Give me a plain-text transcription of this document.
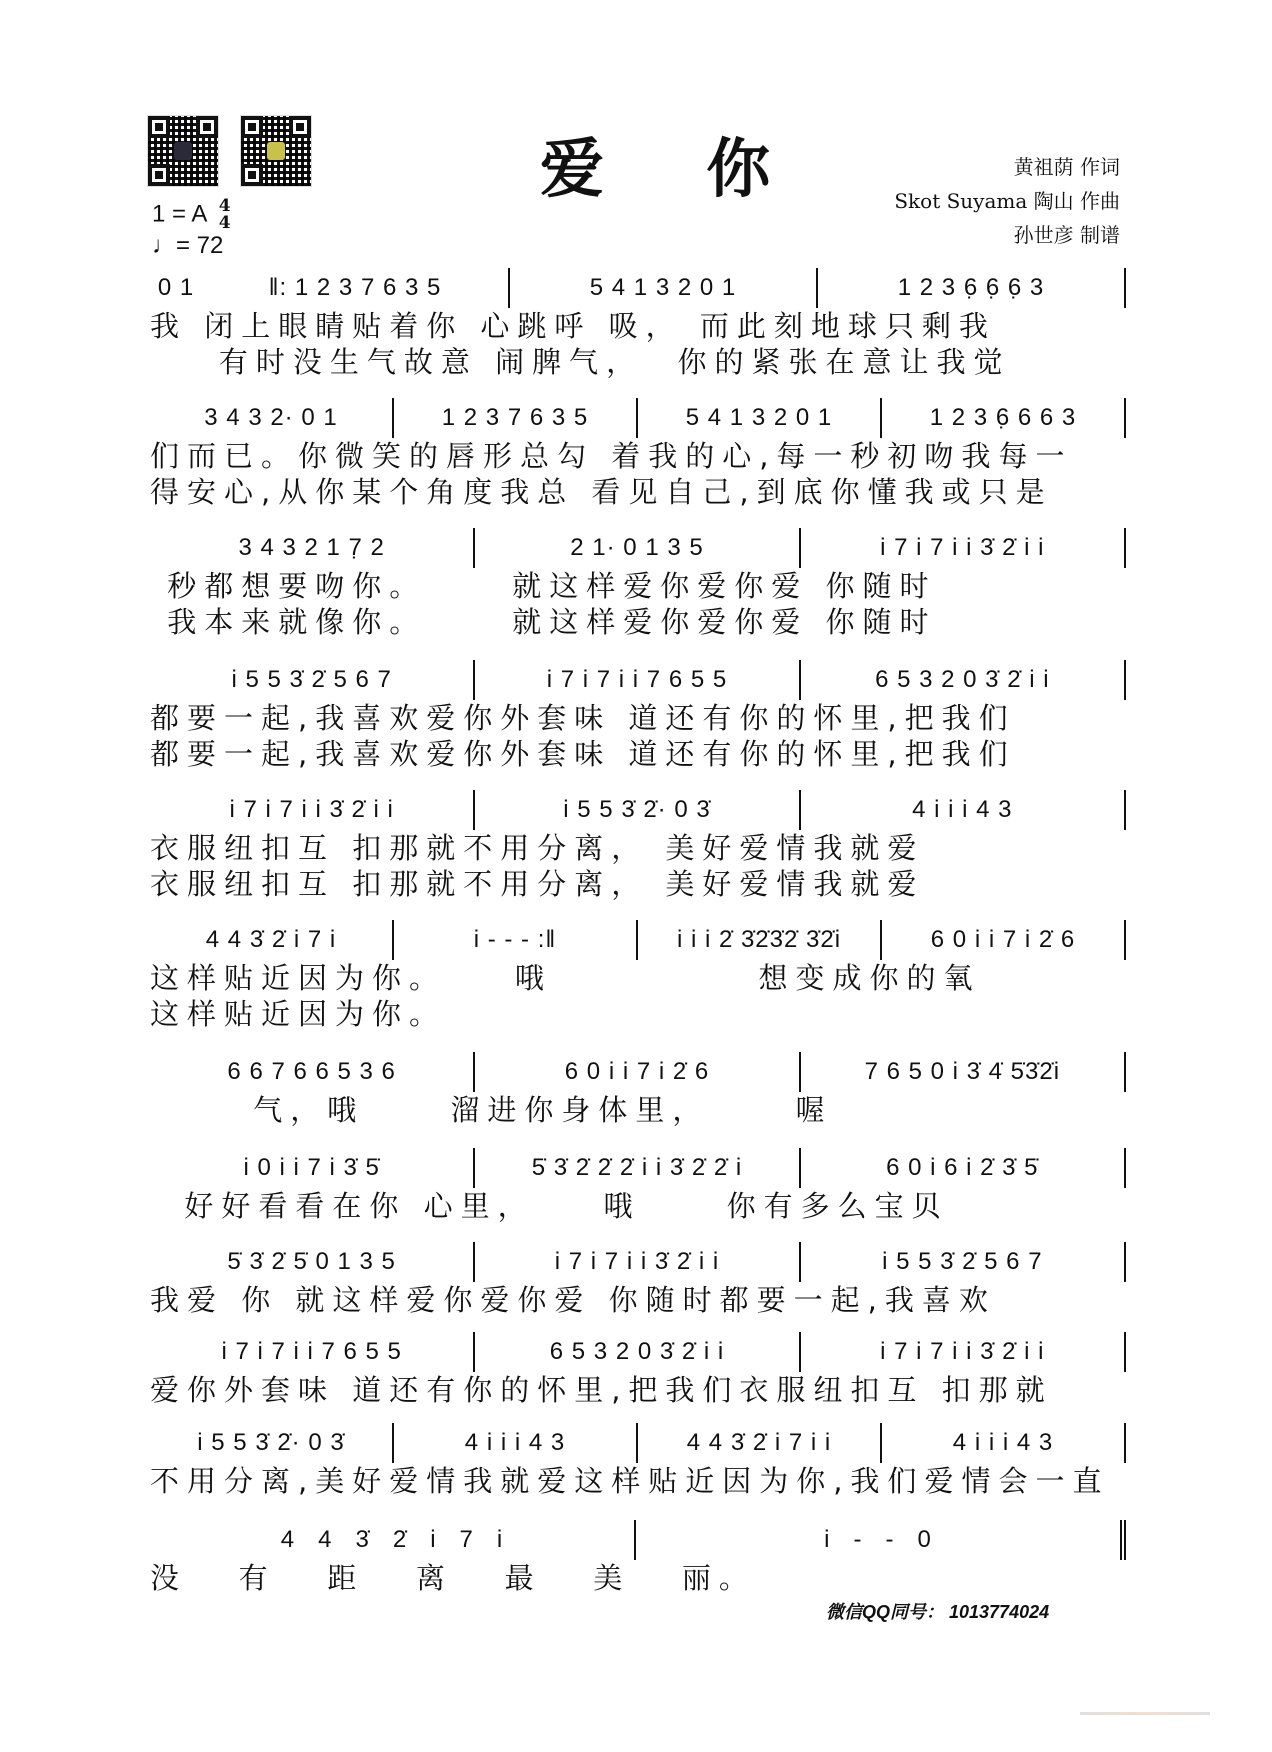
爱 你	黄祖荫 作词
Skot Suyama 陶山 作曲
孙世彦 制谱
1 = A 4
4
♩= 72
0 1	‖: 1 2 3 7 6 3 5	5 4 1 3 2 0 1	1 2 3 6̣ 6̣ 6̣ 3
我 闭上眼睛贴着你 心跳呼 吸， 而此刻地球只剩我
有时没生气故意 闹脾气，  你的紧张在意让我觉
3 4 3 2· 0 1	1 2 3 7 6 3 5	5 4 1 3 2 0 1	1 2 3 6̣ 6 6 3
们而已。你微笑的唇形总勾 着我的心,每一秒初吻我每一
得安心,从你某个角度我总 看见自己,到底你懂我或只是
3 4 3 2 1 7̣ 2	2 1· 0 1 3 5	i 7 i 7 i i 3̇ 2̇ i i
秒都想要吻你。     就这样爱你爱你爱 你随时
我本来就像你。     就这样爱你爱你爱 你随时
i 5 5 3̇ 2̇ 5 6 7	i 7 i 7 i i 7 6 5 5	6 5 3 2 0 3̇ 2̇ i i
都要一起,我喜欢爱你外套味 道还有你的怀里,把我们
都要一起,我喜欢爱你外套味 道还有你的怀里,把我们
i 7 i 7 i i 3̇ 2̇ i i	i 5 5 3̇ 2̇· 0 3̇	4 i i i 4 3
衣服纽扣互 扣那就不用分离， 美好爱情我就爱
衣服纽扣互 扣那就不用分离， 美好爱情我就爱
4 4 3̇ 2̇ i 7 i	i - - - :‖	i i i 2̇ 3̇2̇3̇2̇ 3̇2̇i	6 0 i i 7 i 2̇ 6
这样贴近因为你。    哦            想变成你的氧
这样贴近因为你。
6 6 7 6 6 5 3 6	6 0 i i 7 i 2̇ 6	7 6 5 0 i 3̇ 4̇ 5̇3̇2̇i
气，哦     溜进你身体里，     喔
i 0 i i 7 i 3̇ 5̇	5̇ 3̇ 2̇ 2̇ 2̇ i i 3̇ 2̇ 2̇ i	6 0 i 6 i 2̇ 3̇ 5̇
好好看看在你 心里，    哦     你有多么宝贝
5̇ 3̇ 2̇ 5̇ 0 1 3 5	i 7 i 7 i i 3̇ 2̇ i i	i 5 5 3̇ 2̇ 5 6 7
我爱 你 就这样爱你爱你爱 你随时都要一起,我喜欢
i 7 i 7 i i 7 6 5 5	6 5 3 2 0 3̇ 2̇ i i	i 7 i 7 i i 3̇ 2̇ i i
爱你外套味 道还有你的怀里,把我们衣服纽扣互 扣那就
i 5 5 3̇ 2̇· 0 3̇	4 i i i 4 3	4 4 3̇ 2̇ i 7 i i	4 i i i 4 3
不用分离,美好爱情我就爱这样贴近因为你,我们爱情会一直
4   4   3̇   2̇   i   7   i	i   -   -   0
没   有   距   离   最   美   丽。
微信QQ同号： 1013774024
